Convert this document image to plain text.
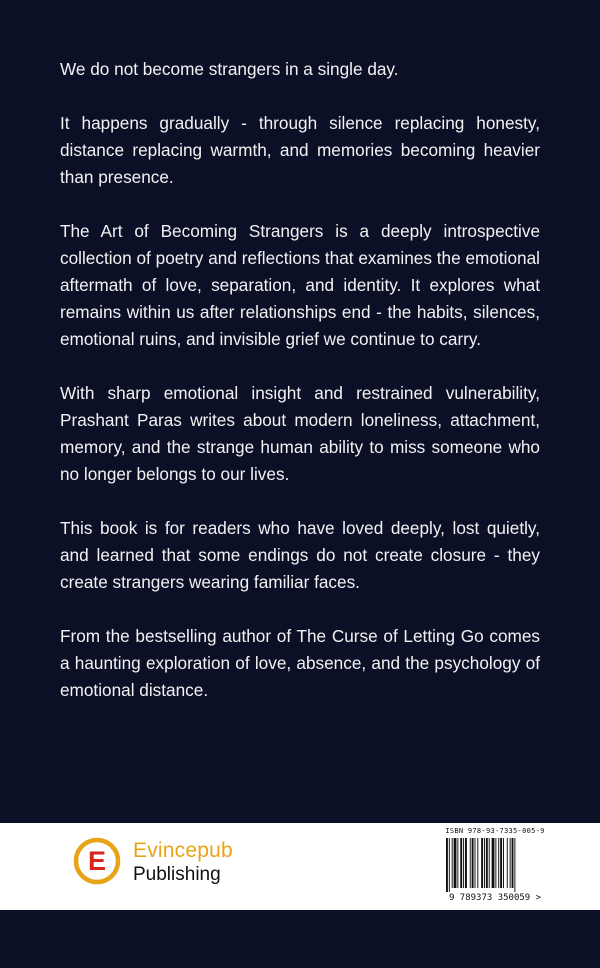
We do not become strangers in a single day.

It happens gradually - through silence replacing honesty, distance replacing warmth, and memories becoming heavier than presence.

The Art of Becoming Strangers is a deeply introspective collection of poetry and reflections that examines the emotional aftermath of love, separation, and identity. It explores what remains within us after relationships end - the habits, silences, emotional ruins, and invisible grief we continue to carry.

With sharp emotional insight and restrained vulnerability, Prashant Paras writes about modern loneliness, attachment, memory, and the strange human ability to miss someone who no longer belongs to our lives.

This book is for readers who have loved deeply, lost quietly, and learned that some endings do not create closure - they create strangers wearing familiar faces.

From the bestselling author of The Curse of Letting Go comes a haunting exploration of love, absence, and the psychology of emotional distance.

E Evincepub
Publishing
ISBN 978-93-7335-005-9
9 789373 350059 >
